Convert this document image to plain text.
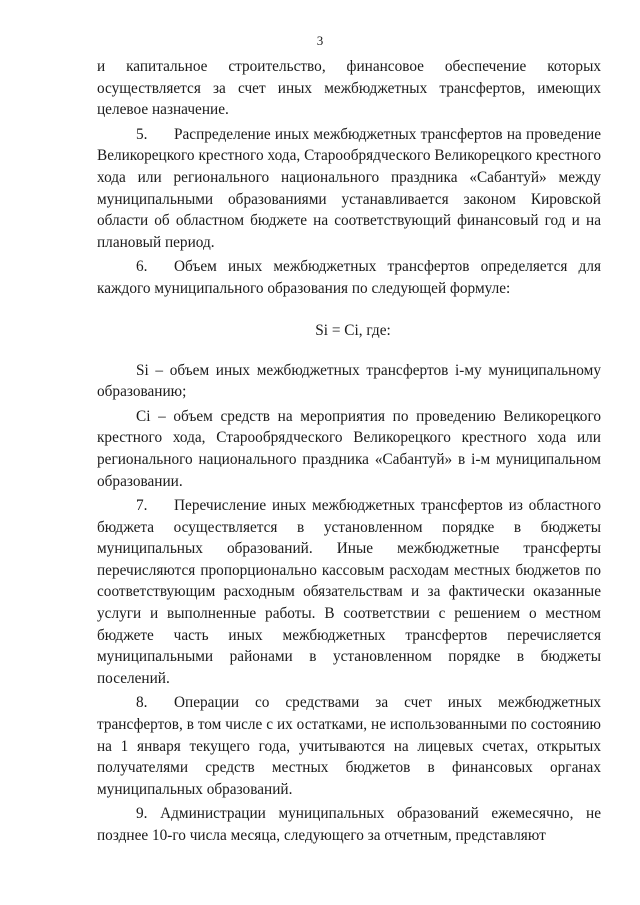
3

и капитальное строительство, финансовое обеспечение которых осуществляется за счет иных межбюджетных трансфертов, имеющих целевое назначение.

5. Распределение иных межбюджетных трансфертов на проведение Великорецкого крестного хода, Старообрядческого Великорецкого крестного хода или регионального национального праздника «Сабантуй» между муниципальными образованиями устанавливается законом Кировской области об областном бюджете на соответствующий финансовый год и на плановый период.

6. Объем иных межбюджетных трансфертов определяется для каждого муниципального образования по следующей формуле:

Si = Ci, где:

Si – объем иных межбюджетных трансфертов i-му муниципальному образованию;

Ci – объем средств на мероприятия по проведению Великорецкого крестного хода, Старообрядческого Великорецкого крестного хода или регионального национального праздника «Сабантуй» в i-м муниципальном образовании.

7. Перечисление иных межбюджетных трансфертов из областного бюджета осуществляется в установленном порядке в бюджеты муниципальных образований. Иные межбюджетные трансферты перечисляются пропорционально кассовым расходам местных бюджетов по соответствующим расходным обязательствам и за фактически оказанные услуги и выполненные работы. В соответствии с решением о местном бюджете часть иных межбюджетных трансфертов перечисляется муниципальными районами в установленном порядке в бюджеты поселений.

8. Операции со средствами за счет иных межбюджетных трансфертов, в том числе с их остатками, не использованными по состоянию на 1 января текущего года, учитываются на лицевых счетах, открытых получателями средств местных бюджетов в финансовых органах муниципальных образований.

9. Администрации муниципальных образований ежемесячно, не позднее 10-го числа месяца, следующего за отчетным, представляют
